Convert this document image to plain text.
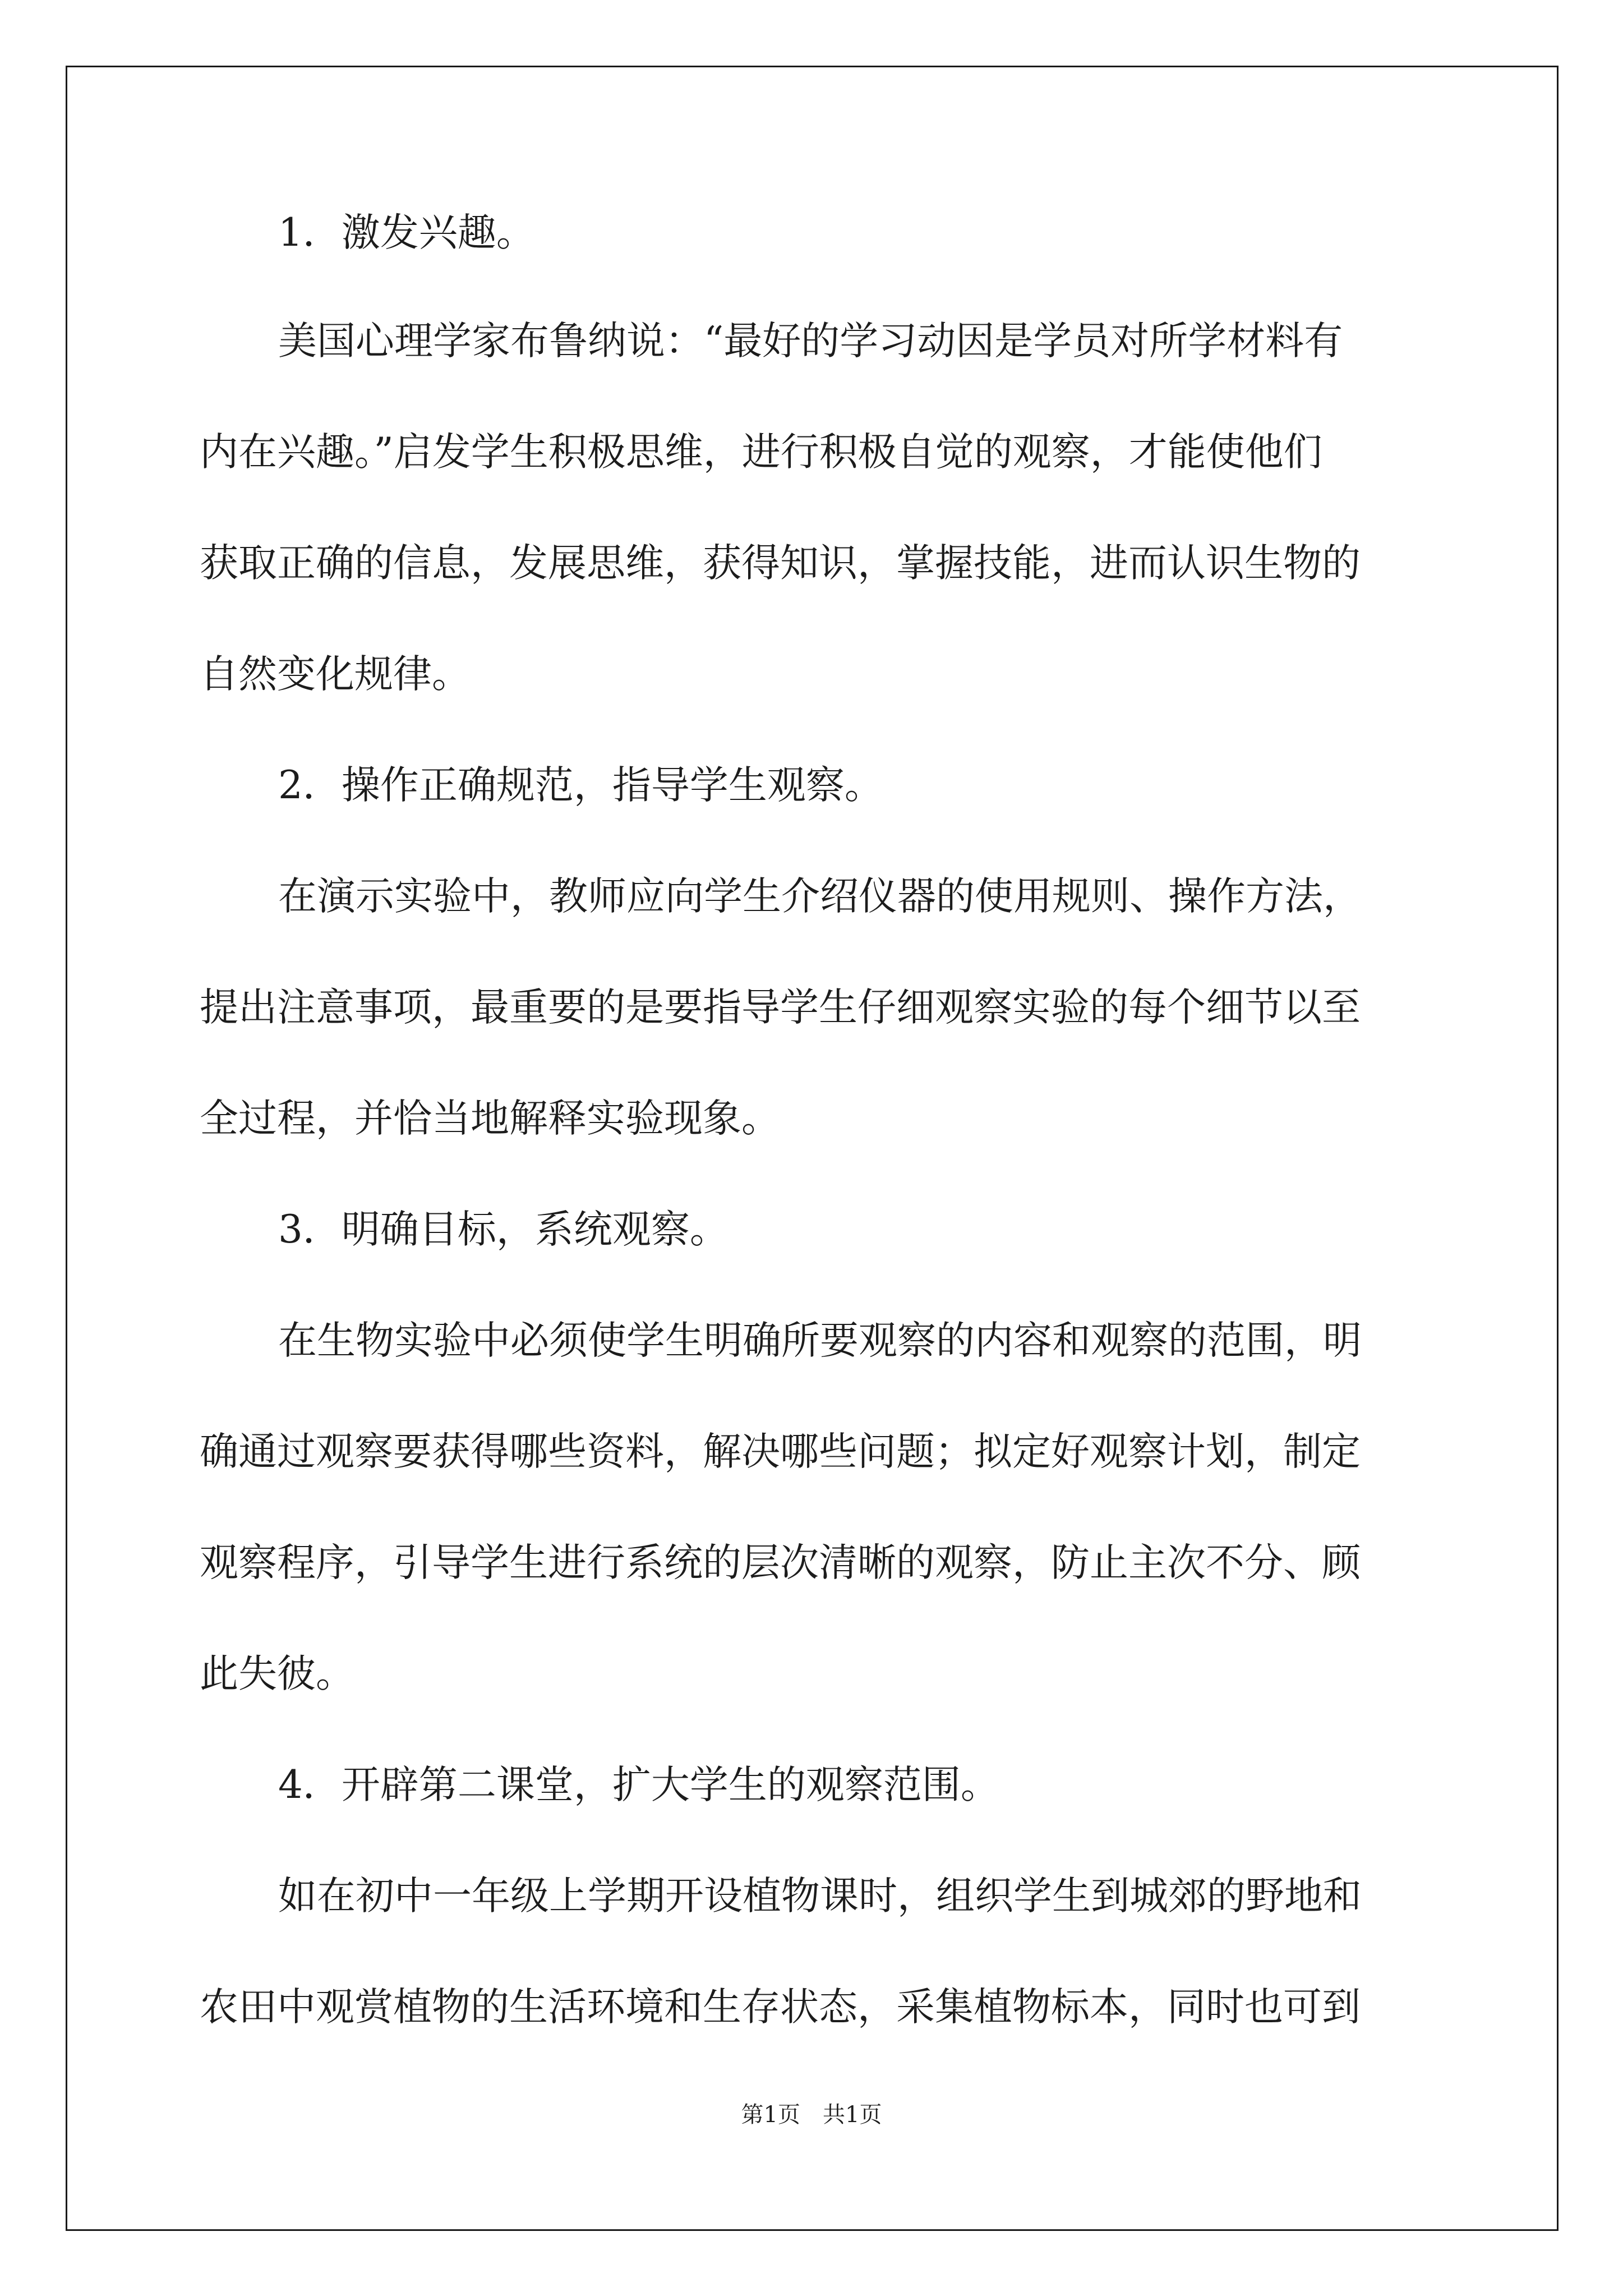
1．激发兴趣。
美国心理学家布鲁纳说：“最好的学习动因是学员对所学材料有
内在兴趣。”启发学生积极思维，进行积极自觉的观察，才能使他们
获取正确的信息，发展思维，获得知识，掌握技能，进而认识生物的
自然变化规律。
2．操作正确规范，指导学生观察。
在演示实验中，教师应向学生介绍仪器的使用规则、操作方法，
提出注意事项，最重要的是要指导学生仔细观察实验的每个细节以至
全过程，并恰当地解释实验现象。
3．明确目标，系统观察。
在生物实验中必须使学生明确所要观察的内容和观察的范围，明
确通过观察要获得哪些资料，解决哪些问题；拟定好观察计划，制定
观察程序，引导学生进行系统的层次清晰的观察，防止主次不分、顾
此失彼。
4．开辟第二课堂，扩大学生的观察范围。
如在初中一年级上学期开设植物课时，组织学生到城郊的野地和
农田中观赏植物的生活环境和生存状态，采集植物标本，同时也可到
第1页　共1页
